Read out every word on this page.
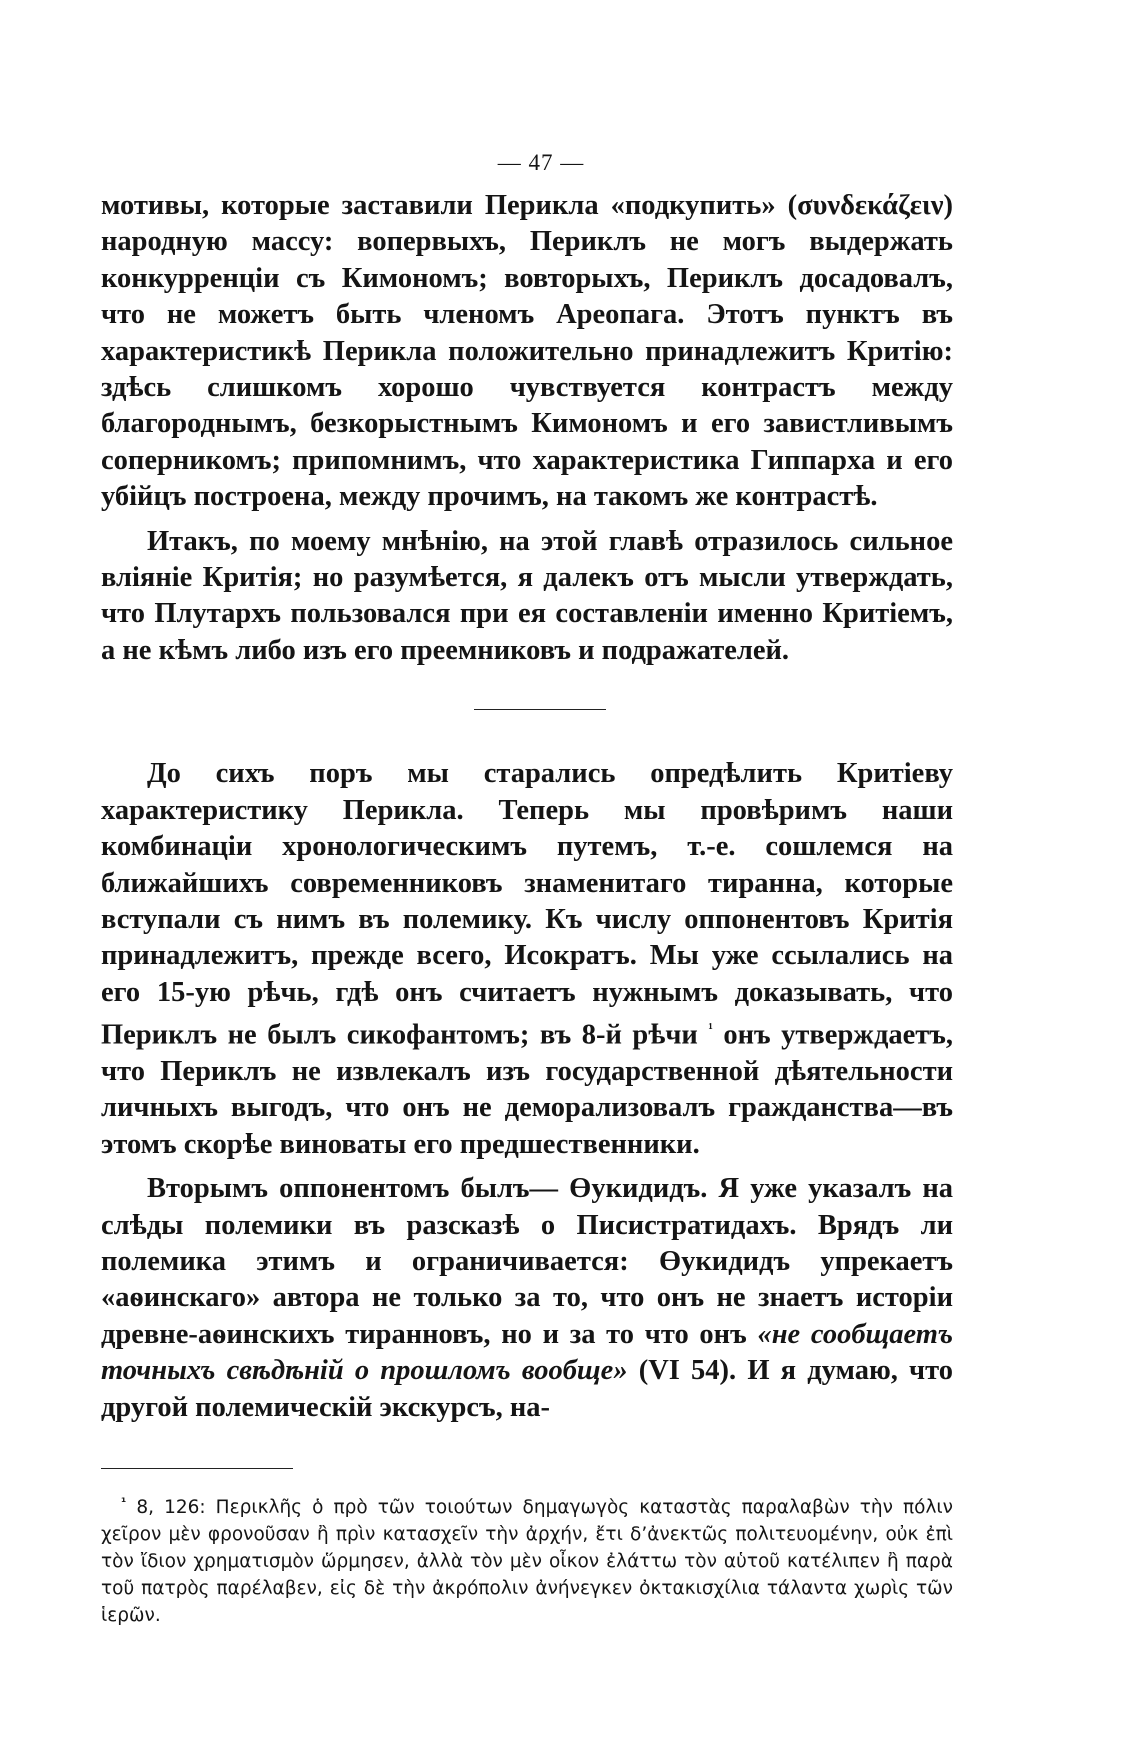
— 47 —

мотивы, которые заставили Перикла «подкупить» (συνδεκάζειν) народную массу: вопервыхъ, Периклъ не могъ выдержать конкурренціи съ Кимономъ; вовторыхъ, Периклъ досадовалъ, что не можетъ быть членомъ Ареопага. Этотъ пунктъ въ характеристикѣ Перикла положительно принадлежитъ Критію: здѣсь слишкомъ хорошо чувствуется контрастъ между благороднымъ, безкорыстнымъ Кимономъ и его завистливымъ соперникомъ; припомнимъ, что характеристика Гиппарха и его убійцъ построена, между прочимъ, на такомъ же контрастѣ.

Итакъ, по моему мнѣнію, на этой главѣ отразилось сильное вліяніе Критія; но разумѣется, я далекъ отъ мысли утверждать, что Плутархъ пользовался при ея составленіи именно Критіемъ, а не кѣмъ либо изъ его преемниковъ и подражателей.

До сихъ поръ мы старались опредѣлить Критіеву характеристику Перикла. Теперь мы провѣримъ наши комбинаціи хронологическимъ путемъ, т.-е. сошлемся на ближайшихъ современниковъ знаменитаго тиранна, которые вступали съ нимъ въ полемику. Къ числу оппонентовъ Критія принадлежитъ, прежде всего, Исократъ. Мы уже ссылались на его 15-ую рѣчь, гдѣ онъ считаетъ нужнымъ доказывать, что Периклъ не былъ сикофантомъ; въ 8-й рѣчи $^{^1}$ онъ утверждаетъ, что Периклъ не извлекалъ изъ государственной дѣятельности личныхъ выгодъ, что онъ не деморализовалъ гражданства—въ этомъ скорѣе виноваты его предшественники.

Вторымъ оппонентомъ былъ— Өукидидъ. Я уже указалъ на слѣды полемики въ разсказѣ о Писистратидахъ. Врядъ ли полемика этимъ и ограничивается: Өукидидъ упрекаетъ «аѳинскаго» автора не только за то, что онъ не знаетъ исторіи древне-аѳинскихъ тиранновъ, но и за то что онъ «не сообщаетъ точныхъ свѣдѣній о прошломъ вообще» (VI 54). И я думаю, что другой полемическій экскурсъ, на-

$^{^1}$ 8, 126: Περικλῆς ὁ πρὸ τῶν τοιούτων δημαγωγὸς καταστὰς παραλαβὼν τὴν πόλιν χεῖρον μὲν φρονοῦσαν ἢ πρὶν κατασχεῖν τὴν ἀρχήν, ἔτι δ’ἀνεκτῶς πολιτευομένην, οὐκ ἐπὶ τὸν ἴδιον χρηματισμὸν ὥρμησεν, ἀλλὰ τὸν μὲν οἶκον ἐλάττω τὸν αὑτοῦ κατέλιπεν ἢ παρὰ τοῦ πατρὸς παρέλαβεν, εἰς δὲ τὴν ἀκρόπολιν ἀνήνεγκεν ὀκτακισχίλια τάλαντα χωρὶς τῶν ἱερῶν.
